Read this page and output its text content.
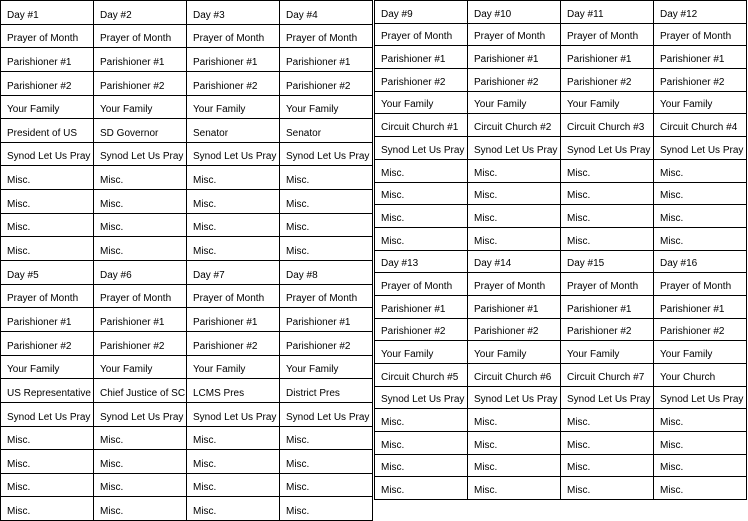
Day #1	Day #2	Day #3	Day #4
Prayer of Month	Prayer of Month	Prayer of Month	Prayer of Month
Parishioner #1	Parishioner #1	Parishioner #1	Parishioner #1
Parishioner #2	Parishioner #2	Parishioner #2	Parishioner #2
Your Family	Your Family	Your Family	Your Family
President of US	SD Governor	Senator	Senator
Synod Let Us Pray	Synod Let Us Pray	Synod Let Us Pray	Synod Let Us Pray
Misc.	Misc.	Misc.	Misc.
Misc.	Misc.	Misc.	Misc.
Misc.	Misc.	Misc.	Misc.
Misc.	Misc.	Misc.	Misc.
Day #5	Day #6	Day #7	Day #8
Prayer of Month	Prayer of Month	Prayer of Month	Prayer of Month
Parishioner #1	Parishioner #1	Parishioner #1	Parishioner #1
Parishioner #2	Parishioner #2	Parishioner #2	Parishioner #2
Your Family	Your Family	Your Family	Your Family
US Representative	Chief Justice of SC	LCMS Pres	District Pres
Synod Let Us Pray	Synod Let Us Pray	Synod Let Us Pray	Synod Let Us Pray
Misc.	Misc.	Misc.	Misc.
Misc.	Misc.	Misc.	Misc.
Misc.	Misc.	Misc.	Misc.
Misc.	Misc.	Misc.	Misc.
Day #9	Day #10	Day #11	Day #12
Prayer of Month	Prayer of Month	Prayer of Month	Prayer of Month
Parishioner #1	Parishioner #1	Parishioner #1	Parishioner #1
Parishioner #2	Parishioner #2	Parishioner #2	Parishioner #2
Your Family	Your Family	Your Family	Your Family
Circuit Church #1	Circuit Church #2	Circuit Church #3	Circuit Church #4
Synod Let Us Pray	Synod Let Us Pray	Synod Let Us Pray	Synod Let Us Pray
Misc.	Misc.	Misc.	Misc.
Misc.	Misc.	Misc.	Misc.
Misc.	Misc.	Misc.	Misc.
Misc.	Misc.	Misc.	Misc.
Day #13	Day #14	Day #15	Day #16
Prayer of Month	Prayer of Month	Prayer of Month	Prayer of Month
Parishioner #1	Parishioner #1	Parishioner #1	Parishioner #1
Parishioner #2	Parishioner #2	Parishioner #2	Parishioner #2
Your Family	Your Family	Your Family	Your Family
Circuit Church #5	Circuit Church #6	Circuit Church #7	Your Church
Synod Let Us Pray	Synod Let Us Pray	Synod Let Us Pray	Synod Let Us Pray
Misc.	Misc.	Misc.	Misc.
Misc.	Misc.	Misc.	Misc.
Misc.	Misc.	Misc.	Misc.
Misc.	Misc.	Misc.	Misc.
